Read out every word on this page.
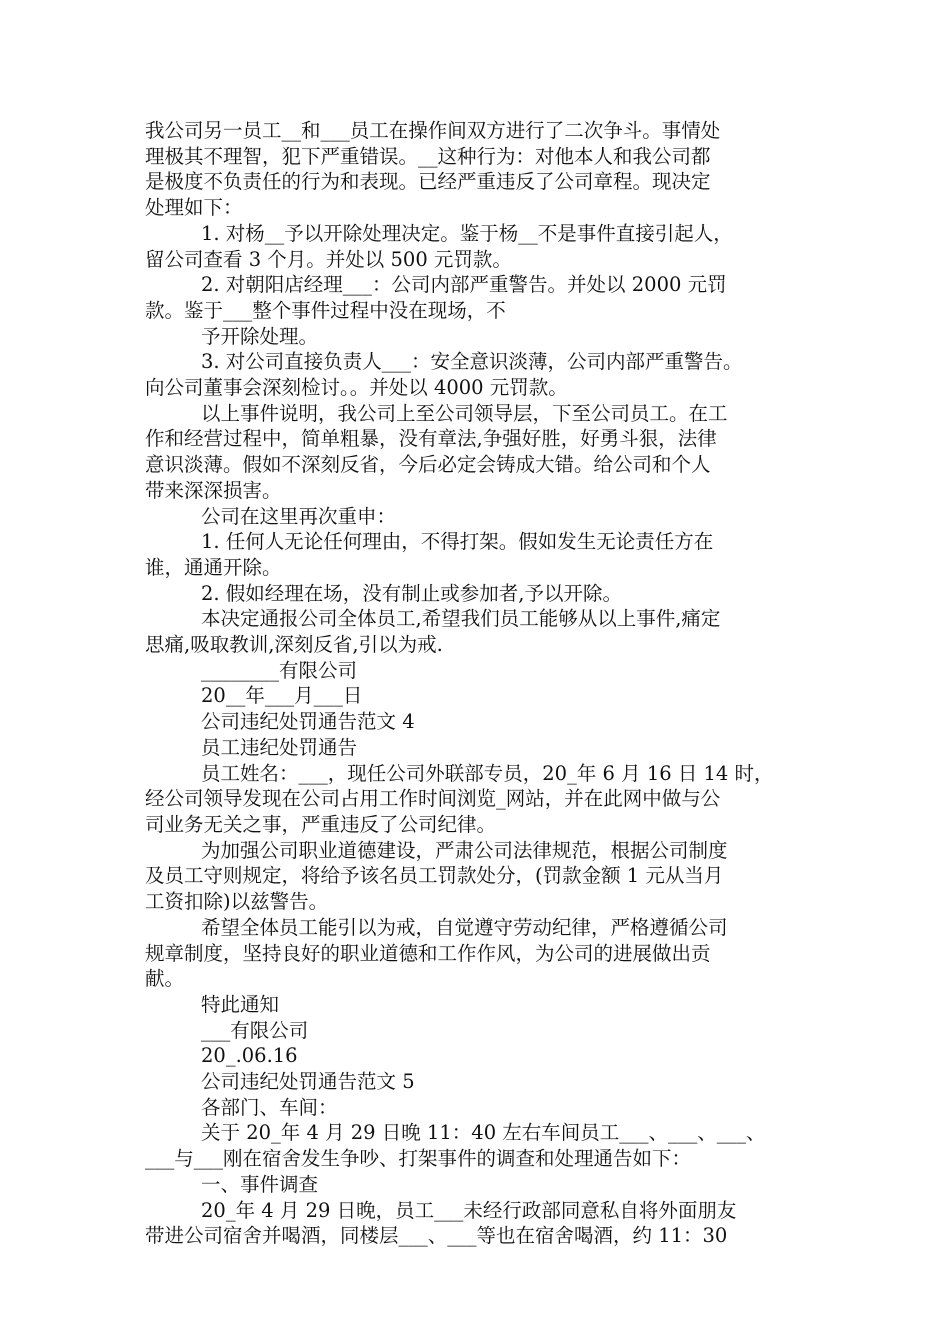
我公司另一员工__和___员工在操作间双方进行了二次争斗。事情处

理极其不理智，犯下严重错误。__这种行为：对他本人和我公司都

是极度不负责任的行为和表现。已经严重违反了公司章程。现决定

处理如下：

1. 对杨__予以开除处理决定。鉴于杨__不是事件直接引起人，

留公司查看 3 个月。并处以 500 元罚款。

2. 对朝阳店经理___：公司内部严重警告。并处以 2000 元罚

款。鉴于___整个事件过程中没在现场，不

予开除处理。

3. 对公司直接负责人___：安全意识淡薄，公司内部严重警告。

向公司董事会深刻检讨。。并处以 4000 元罚款。

以上事件说明，我公司上至公司领导层，下至公司员工。在工

作和经营过程中，简单粗暴，没有章法,争强好胜，好勇斗狠，法律

意识淡薄。假如不深刻反省，今后必定会铸成大错。给公司和个人

带来深深损害。

公司在这里再次重申：

1. 任何人无论任何理由，不得打架。假如发生无论责任方在

谁，通通开除。

2. 假如经理在场，没有制止或参加者,予以开除。

本决定通报公司全体员工,希望我们员工能够从以上事件,痛定

思痛,吸取教训,深刻反省,引以为戒.

________有限公司

20__年___月___日

公司违纪处罚通告范文 4

员工违纪处罚通告

员工姓名：___，现任公司外联部专员，20_年 6 月 16 日 14 时，

经公司领导发现在公司占用工作时间浏览_网站，并在此网中做与公

司业务无关之事，严重违反了公司纪律。

为加强公司职业道德建设，严肃公司法律规范，根据公司制度

及员工守则规定，将给予该名员工罚款处分，(罚款金额 1 元从当月

工资扣除)以兹警告。

希望全体员工能引以为戒，自觉遵守劳动纪律，严格遵循公司

规章制度，坚持良好的职业道德和工作作风，为公司的进展做出贡

献。

特此通知

___有限公司

20_.06.16

公司违纪处罚通告范文 5

各部门、车间：

关于 20_年 4 月 29 日晚 11：40 左右车间员工___、___、___、

___与___刚在宿舍发生争吵、打架事件的调查和处理通告如下：

一、事件调查

20_年 4 月 29 日晚，员工___未经行政部同意私自将外面朋友

带进公司宿舍并喝酒，同楼层___、___等也在宿舍喝酒，约 11：30
